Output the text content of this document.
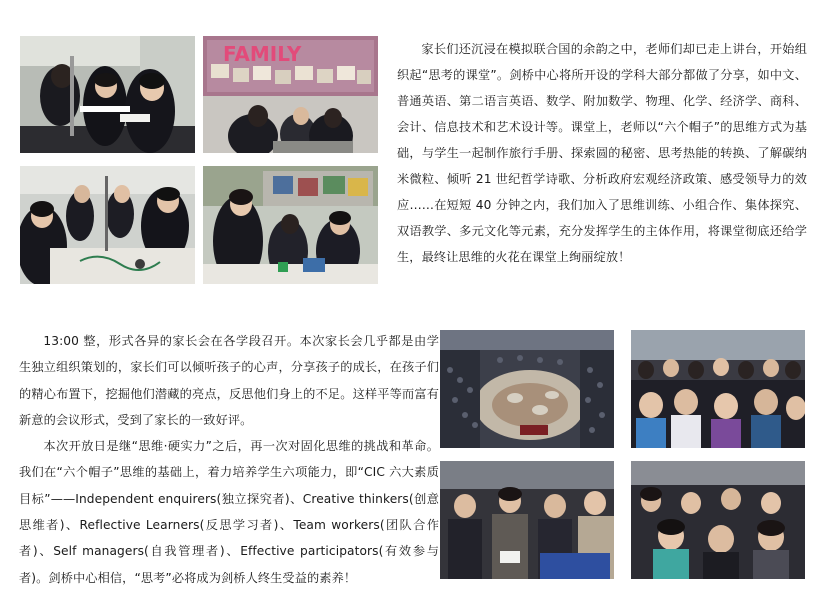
FAMILY	家长们还沉浸在模拟联合国的余韵之中，老师们却已走上讲台，开始组织起“思考的课堂”。剑桥中心将所开设的学科大部分都做了分享，如中文、普通英语、第二语言英语、数学、附加数学、物理、化学、经济学、商科、会计、信息技术和艺术设计等。课堂上，老师以“六个帽子”的思维方式为基础，与学生一起制作旅行手册、探索圆的秘密、思考热能的转换、了解碳纳米微粒、倾听 21 世纪哲学诗歌、分析政府宏观经济政策、感受领导力的效应……在短短 40 分钟之内，我们加入了思维训练、小组合作、集体探究、双语教学、多元文化等元素，充分发挥学生的主体作用，将课堂彻底还给学生，最终让思维的火花在课堂上绚丽绽放！

13:00 整，形式各异的家长会在各学段召开。本次家长会几乎都是由学生独立组织策划的，家长们可以倾听孩子的心声，分享孩子的成长，在孩子们的精心布置下，挖掘他们潜藏的亮点，反思他们身上的不足。这样平等而富有新意的会议形式，受到了家长的一致好评。

本次开放日是继“思维·硬实力”之后，再一次对固化思维的挑战和革命。我们在“六个帽子”思维的基础上，着力培养学生六项能力，即“CIC 六大素质目标”——Independent enquirers(独立探究者)、Creative thinkers(创意思维者)、Reflective Learners(反思学习者)、Team workers(团队合作者)、Self managers(自我管理者)、Effective participators(有效参与者)。剑桥中心相信，“思考”必将成为剑桥人终生受益的素养！
